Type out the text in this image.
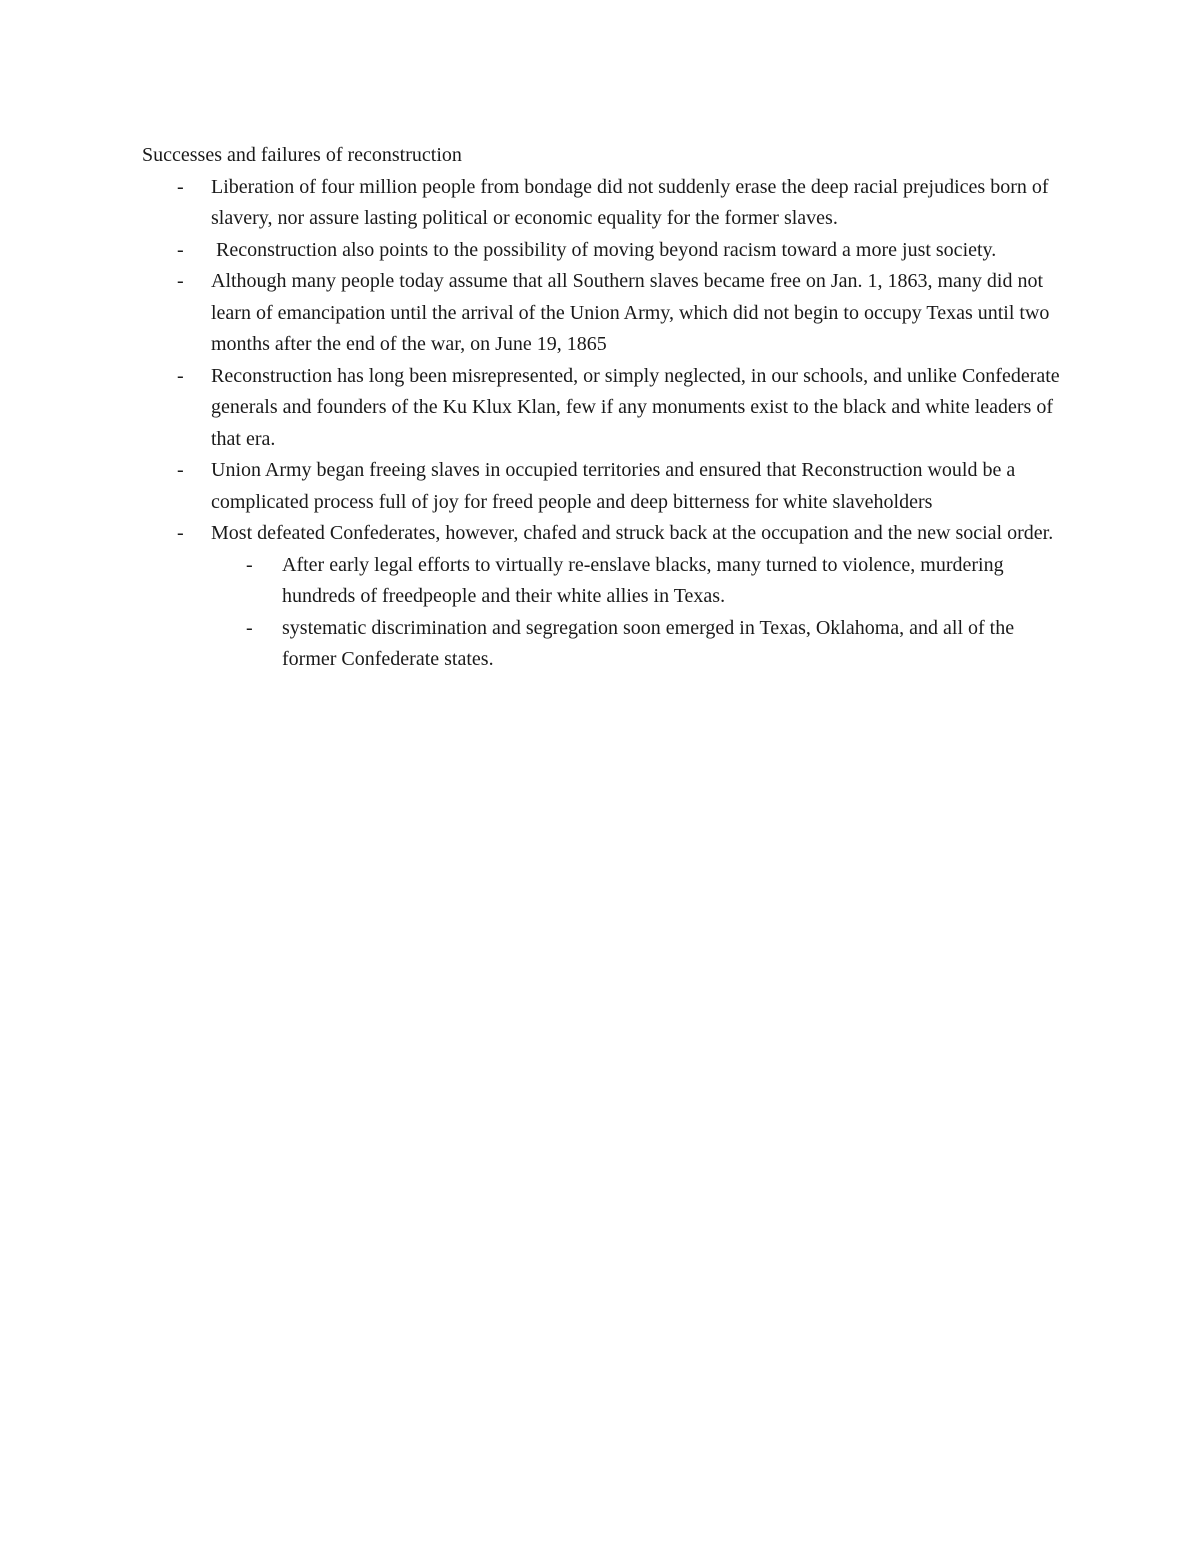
Successes and failures of reconstruction

- Liberation of four million people from bondage did not suddenly erase the deep racial prejudices born of slavery, nor assure lasting political or economic equality for the former slaves.
- Reconstruction also points to the possibility of moving beyond racism toward a more just society.
- Although many people today assume that all Southern slaves became free on Jan. 1, 1863, many did not learn of emancipation until the arrival of the Union Army, which did not begin to occupy Texas until two months after the end of the war, on June 19, 1865
- Reconstruction has long been misrepresented, or simply neglected, in our schools, and unlike Confederate generals and founders of the Ku Klux Klan, few if any monuments exist to the black and white leaders of that era.
- Union Army began freeing slaves in occupied territories and ensured that Reconstruction would be a complicated process full of joy for freed people and deep bitterness for white slaveholders
- Most defeated Confederates, however, chafed and struck back at the occupation and the new social order.
- After early legal efforts to virtually re-enslave blacks, many turned to violence, murdering hundreds of freedpeople and their white allies in Texas.
- systematic discrimination and segregation soon emerged in Texas, Oklahoma, and all of the former Confederate states.
